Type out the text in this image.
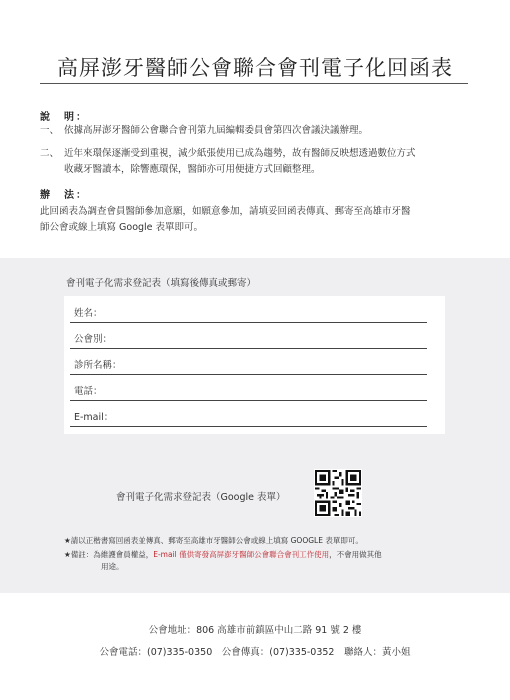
高屏澎牙醫師公會聯合會刊電子化回函表
說　明：
一、 依據高屏澎牙醫師公會聯合會刊第九屆編輯委員會第四次會議決議辦理。
二、 近年來環保逐漸受到重視，減少紙張使用已成為趨勢，故有醫師反映想透過數位方式
收藏牙醫讀本，除響應環保，醫師亦可用便捷方式回顧整理。
辦　法：
此回函表為調查會員醫師參加意願，如願意參加，請填妥回函表傳真、郵寄至高雄市牙醫
師公會或線上填寫 Google 表單即可。
會刊電子化需求登記表（填寫後傳真或郵寄）
姓名：
公會別：
診所名稱：
電話：
E-mail：
會刊電子化需求登記表（Google 表單）
★請以正楷書寫回函表並傳真、郵寄至高雄市牙醫師公會或線上填寫 GOOGLE 表單即可。
★備註：為維護會員權益，E-mail 僅供寄發高屏澎牙醫師公會聯合會刊工作使用，不會用做其他
用途。
公會地址：806 高雄市前鎮區中山二路 91 號 2 樓
公會電話：(07)335-0350　公會傳真：(07)335-0352　聯絡人：黃小姐
